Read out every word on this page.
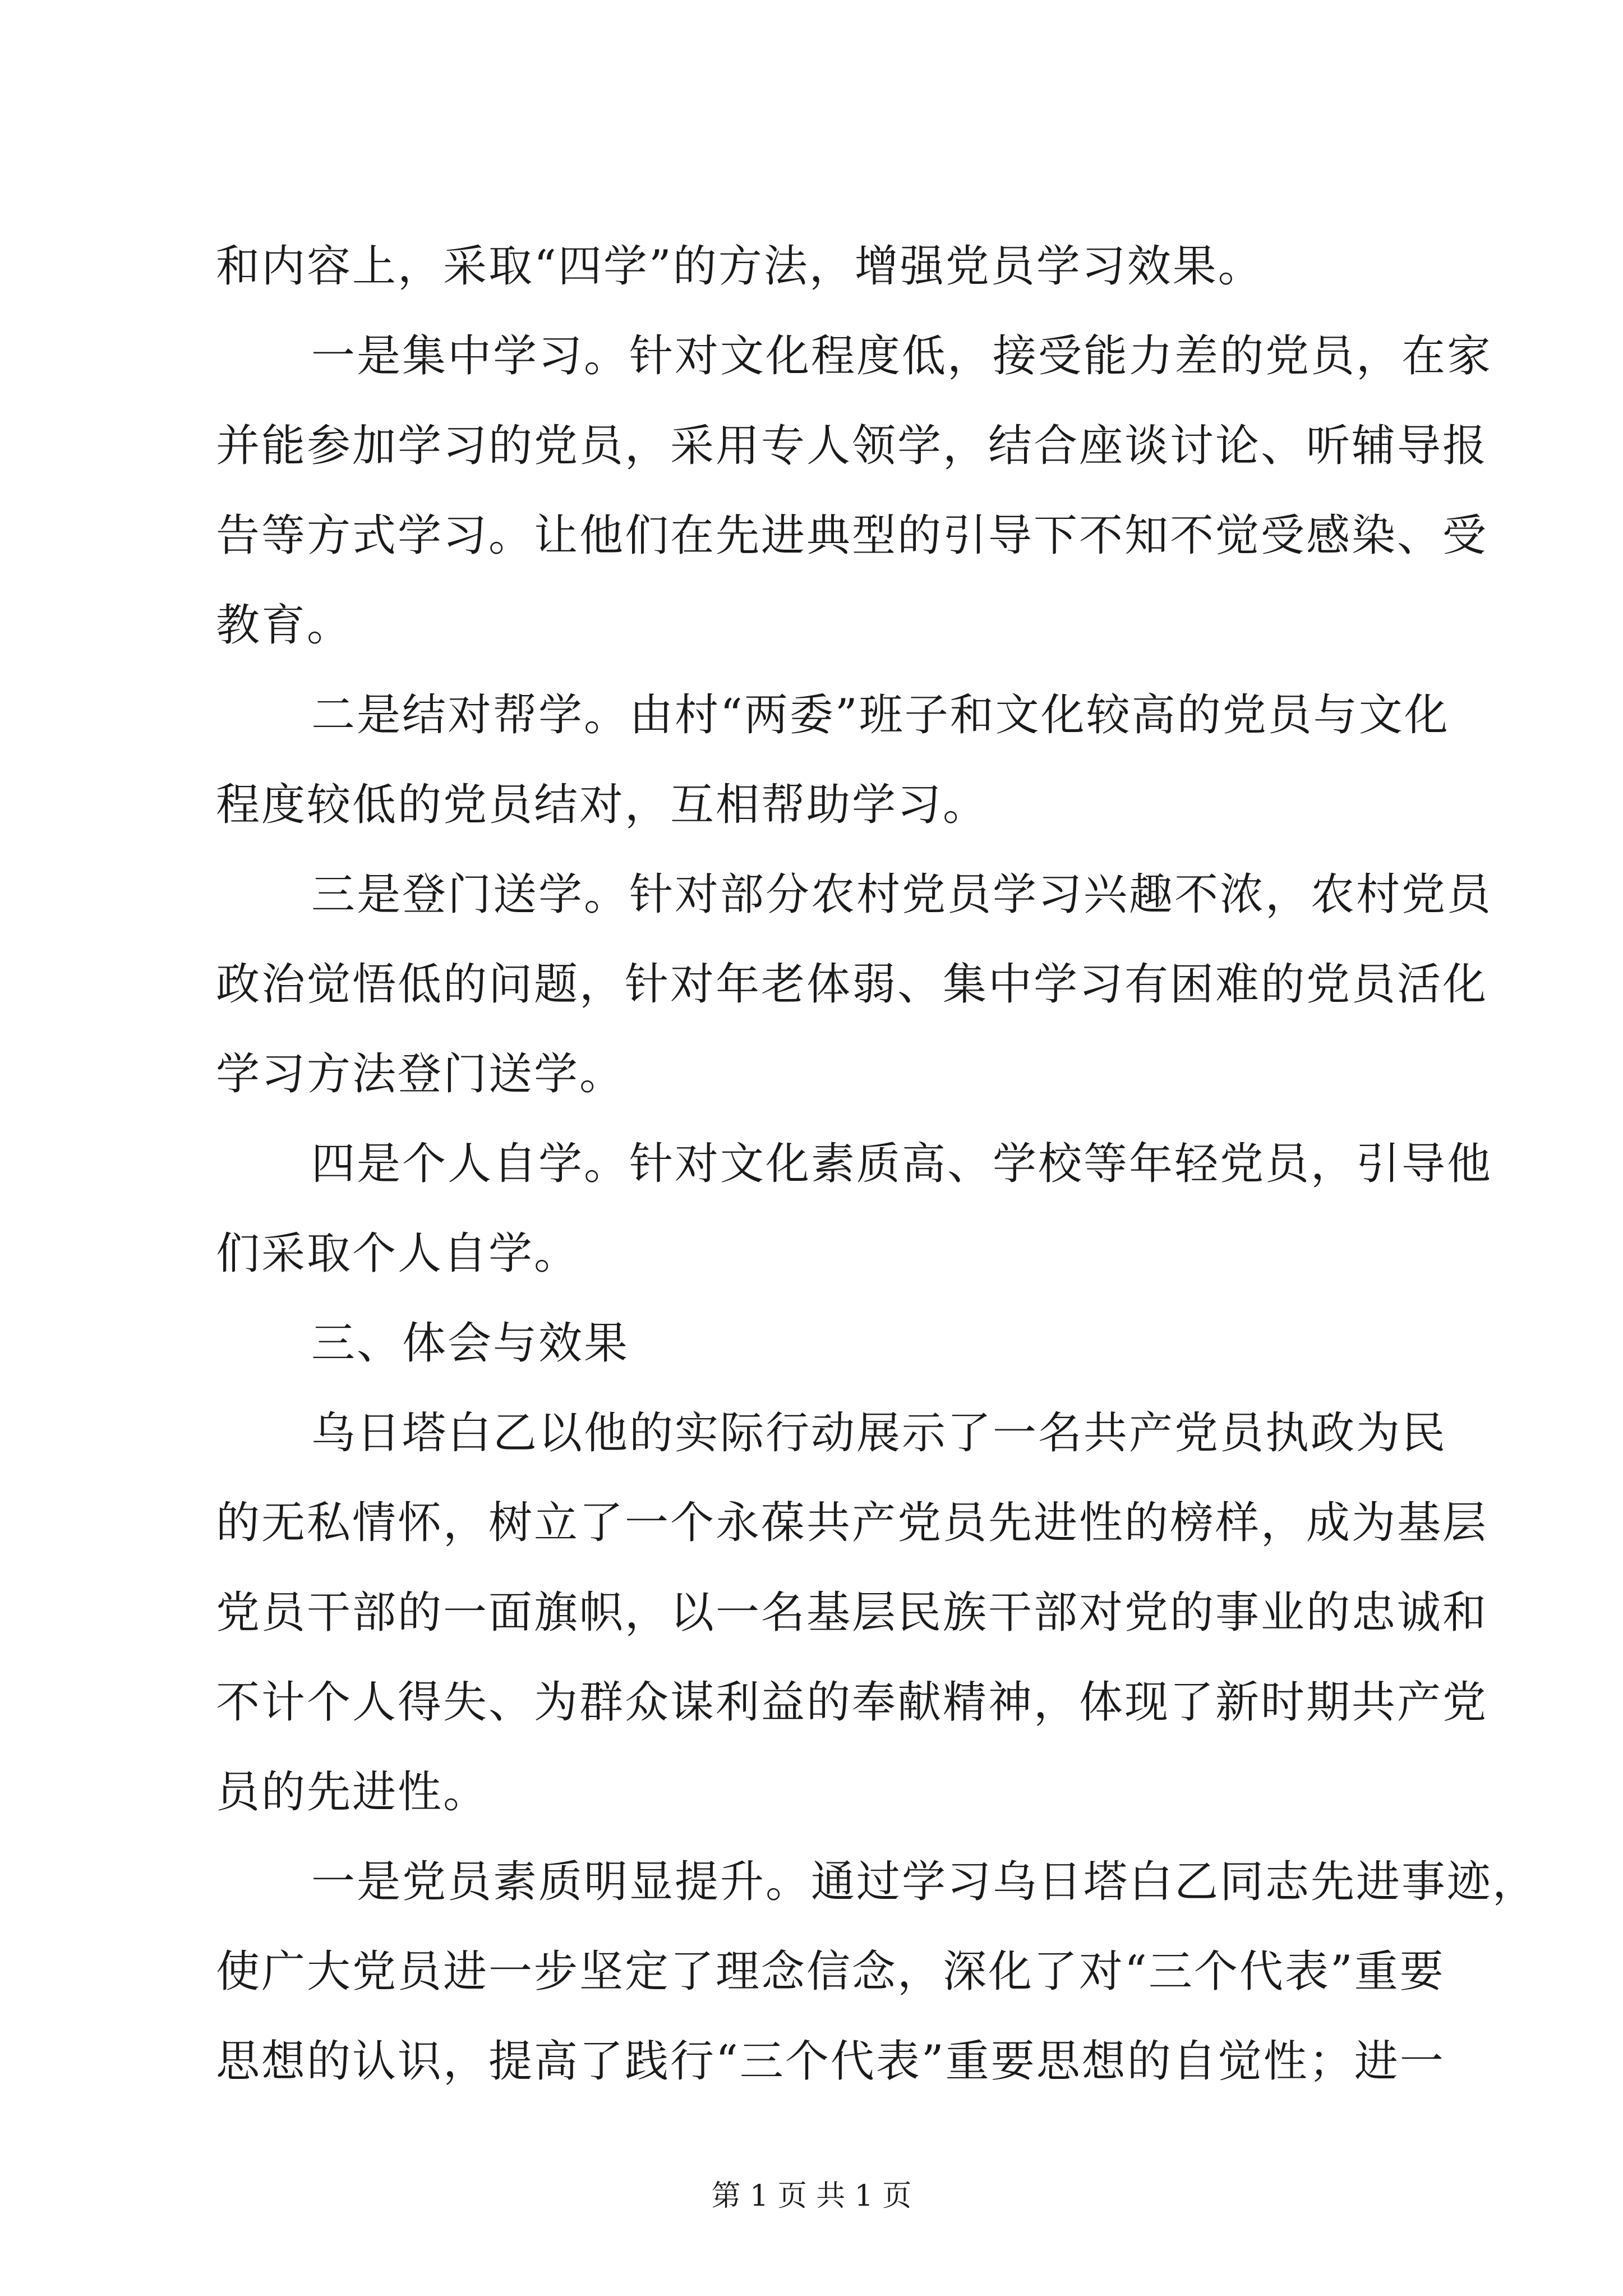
和内容上，采取“四学”的方法，增强党员学习效果。
一是集中学习。针对文化程度低，接受能力差的党员，在家
并能参加学习的党员，采用专人领学，结合座谈讨论、听辅导报
告等方式学习。让他们在先进典型的引导下不知不觉受感染、受
教育。
二是结对帮学。由村“两委”班子和文化较高的党员与文化
程度较低的党员结对，互相帮助学习。
三是登门送学。针对部分农村党员学习兴趣不浓，农村党员
政治觉悟低的问题，针对年老体弱、集中学习有困难的党员活化
学习方法登门送学。
四是个人自学。针对文化素质高、学校等年轻党员，引导他
们采取个人自学。
三、体会与效果
乌日塔白乙以他的实际行动展示了一名共产党员执政为民
的无私情怀，树立了一个永葆共产党员先进性的榜样，成为基层
党员干部的一面旗帜，以一名基层民族干部对党的事业的忠诚和
不计个人得失、为群众谋利益的奉献精神，体现了新时期共产党
员的先进性。
一是党员素质明显提升。通过学习乌日塔白乙同志先进事迹，
使广大党员进一步坚定了理念信念，深化了对“三个代表”重要
思想的认识，提高了践行“三个代表”重要思想的自觉性；进一
第 1 页 共 1 页
